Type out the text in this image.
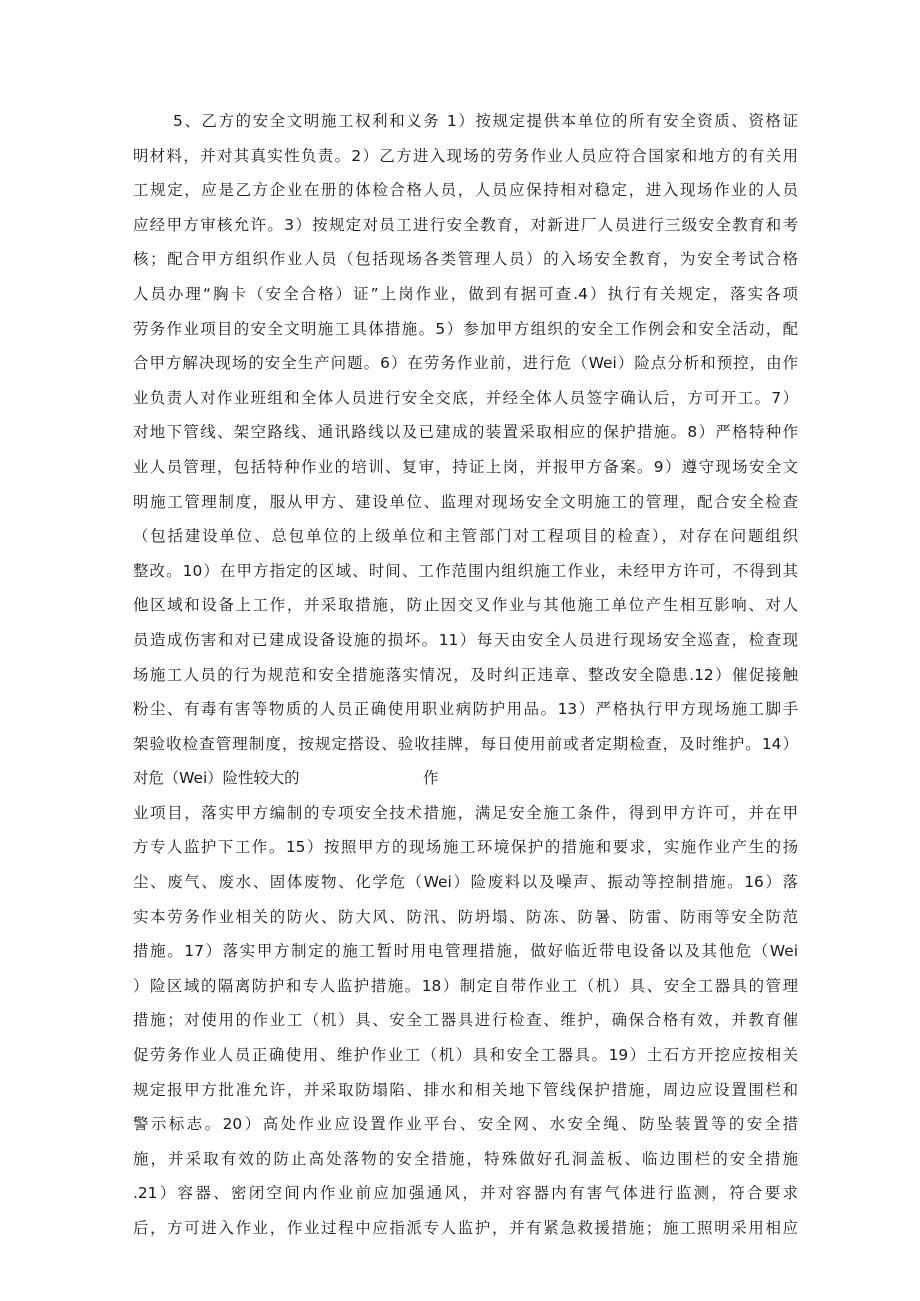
5、乙方的安全文明施工权利和义务 1）按规定提供本单位的所有安全资质、资格证
明材料，并对其真实性负责。2）乙方进入现场的劳务作业人员应符合国家和地方的有关用
工规定，应是乙方企业在册的体检合格人员，人员应保持相对稳定，进入现场作业的人员
应经甲方审核允许。3）按规定对员工进行安全教育，对新进厂人员进行三级安全教育和考
核；配合甲方组织作业人员（包括现场各类管理人员）的入场安全教育，为安全考试合格
人员办理“胸卡（安全合格）证”上岗作业，做到有据可查.4）执行有关规定，落实各项
劳务作业项目的安全文明施工具体措施。5）参加甲方组织的安全工作例会和安全活动，配
合甲方解决现场的安全生产问题。6）在劳务作业前，进行危（Wei）险点分析和预控，由作
业负责人对作业班组和全体人员进行安全交底，并经全体人员签字确认后，方可开工。7）
对地下管线、架空路线、通讯路线以及已建成的装置采取相应的保护措施。8）严格特种作
业人员管理，包括特种作业的培训、复审，持证上岗，并报甲方备案。9）遵守现场安全文
明施工管理制度，服从甲方、建设单位、监理对现场安全文明施工的管理，配合安全检查
（包括建设单位、总包单位的上级单位和主管部门对工程项目的检查），对存在问题组织
整改。10）在甲方指定的区域、时间、工作范围内组织施工作业，未经甲方许可，不得到其
他区域和设备上工作，并采取措施，防止因交叉作业与其他施工单位产生相互影响、对人
员造成伤害和对已建成设备设施的损坏。11）每天由安全人员进行现场安全巡查，检查现
场施工人员的行为规范和安全措施落实情况，及时纠正违章、整改安全隐患.12）催促接触
粉尘、有毒有害等物质的人员正确使用职业病防护用品。13）严格执行甲方现场施工脚手
架验收检查管理制度，按规定搭设、验收挂牌，每日使用前或者定期检查，及时维护。14）
对危（Wei）险性较大的	作
业项目，落实甲方编制的专项安全技术措施，满足安全施工条件，得到甲方许可，并在甲
方专人监护下工作。15）按照甲方的现场施工环境保护的措施和要求，实施作业产生的扬
尘、废气、废水、固体废物、化学危（Wei）险废料以及噪声、振动等控制措施。16）落
实本劳务作业相关的防火、防大风、防汛、防坍塌、防冻、防暑、防雷、防雨等安全防范
措施。17）落实甲方制定的施工暂时用电管理措施，做好临近带电设备以及其他危（Wei
）险区域的隔离防护和专人监护措施。18）制定自带作业工（机）具、安全工器具的管理
措施；对使用的作业工（机）具、安全工器具进行检查、维护，确保合格有效，并教育催
促劳务作业人员正确使用、维护作业工（机）具和安全工器具。19）土石方开挖应按相关
规定报甲方批准允许，并采取防塌陷、排水和相关地下管线保护措施，周边应设置围栏和
警示标志。20）高处作业应设置作业平台、安全网、水安全绳、防坠装置等的安全措
施，并采取有效的防止高处落物的安全措施，特殊做好孔洞盖板、临边围栏的安全措施
.21）容器、密闭空间内作业前应加强通风，并对容器内有害气体进行监测，符合要求
后，方可进入作业，作业过程中应指派专人监护，并有紧急救援措施；施工照明采用相应
